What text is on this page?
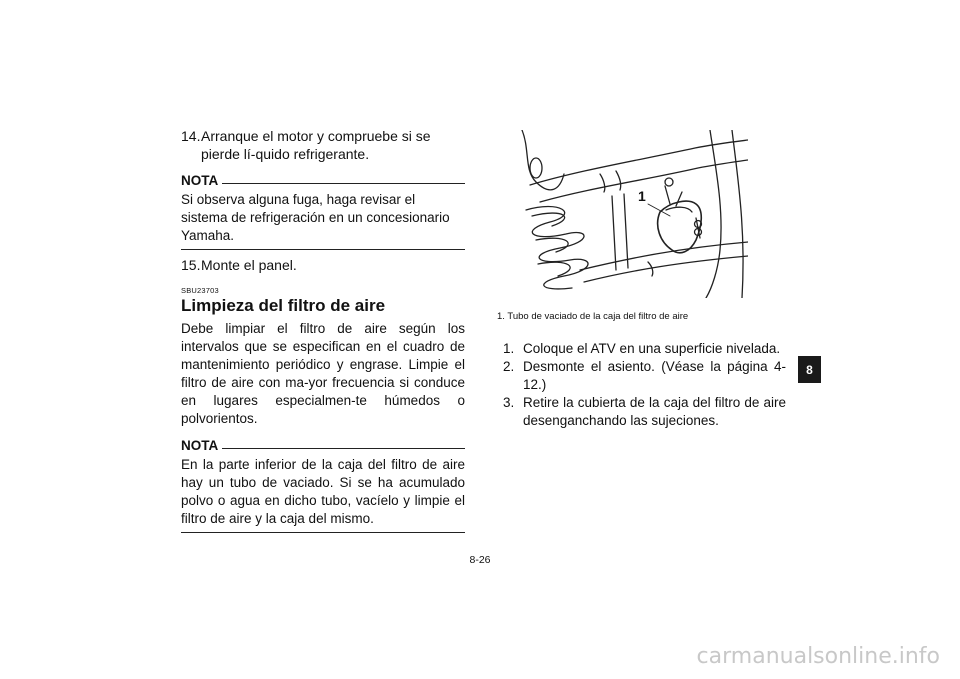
14. Arranque el motor y compruebe si se pierde lí-quido refrigerante.
NOTA
Si observa alguna fuga, haga revisar el sistema de refrigeración en un concesionario Yamaha.
15. Monte el panel.
SBU23703
Limpieza del filtro de aire
Debe limpiar el filtro de aire según los intervalos que se especifican en el cuadro de mantenimiento periódico y engrase. Limpie el filtro de aire con ma-yor frecuencia si conduce en lugares especialmen-te húmedos o polvorientos.
NOTA
En la parte inferior de la caja del filtro de aire hay un tubo de vaciado. Si se ha acumulado polvo o agua en dicho tubo, vacíelo y limpie el filtro de aire y la caja del mismo.
1
1. Tubo de vaciado de la caja del filtro de aire
1. Coloque el ATV en una superficie nivelada.
2. Desmonte el asiento. (Véase la página 4-12.)
3. Retire la cubierta de la caja del filtro de aire desenganchando las sujeciones.
8
8-26
carmanualsonline.info
